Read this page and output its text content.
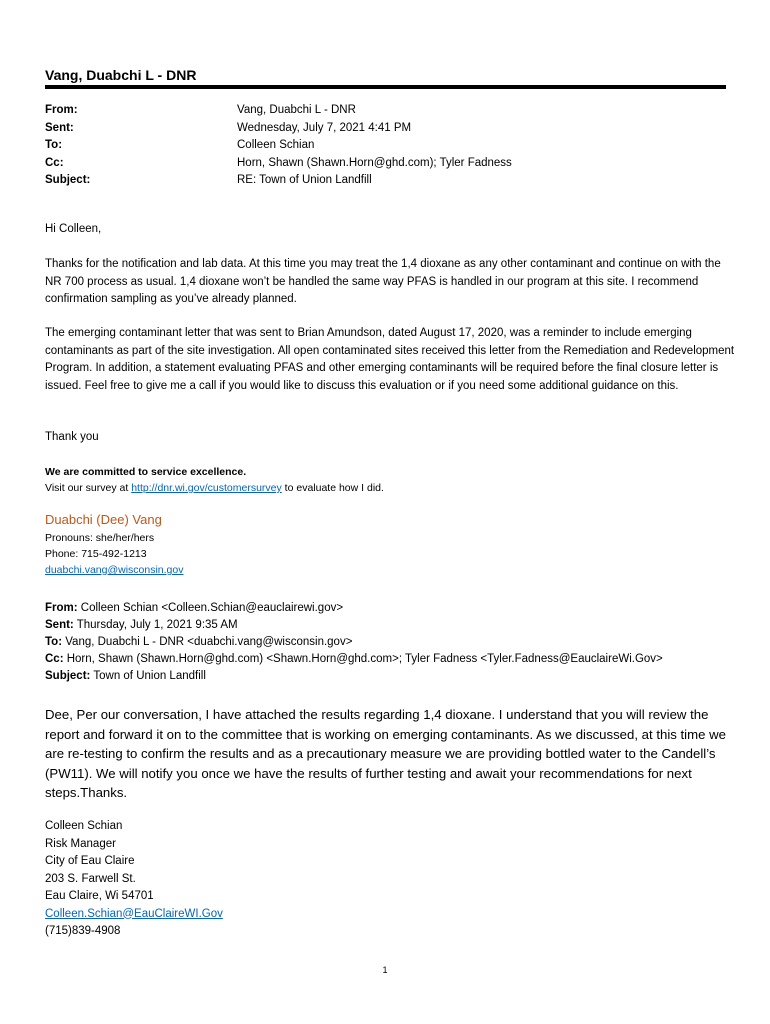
Vang, Duabchi L - DNR
From:	Vang, Duabchi L - DNR
Sent:	Wednesday, July 7, 2021 4:41 PM
To:	Colleen Schian
Cc:	Horn, Shawn (Shawn.Horn@ghd.com); Tyler Fadness
Subject:	RE: Town of Union Landfill
Hi Colleen,
Thanks for the notification and lab data. At this time you may treat the 1,4 dioxane as any other contaminant and continue on with the NR 700 process as usual. 1,4 dioxane won’t be handled the same way PFAS is handled in our program at this site. I recommend confirmation sampling as you’ve already planned.
The emerging contaminant letter that was sent to Brian Amundson, dated August 17, 2020, was a reminder to include emerging contaminants as part of the site investigation. All open contaminated sites received this letter from the Remediation and Redevelopment Program. In addition, a statement evaluating PFAS and other emerging contaminants will be required before the final closure letter is issued. Feel free to give me a call if you would like to discuss this evaluation or if you need some additional guidance on this.
Thank you
We are committed to service excellence.
Visit our survey at http://dnr.wi.gov/customersurvey to evaluate how I did.
Duabchi (Dee) Vang
Pronouns: she/her/hers
Phone: 715-492-1213
duabchi.vang@wisconsin.gov
From: Colleen Schian <Colleen.Schian@eauclairewi.gov>
Sent: Thursday, July 1, 2021 9:35 AM
To: Vang, Duabchi L - DNR <duabchi.vang@wisconsin.gov>
Cc: Horn, Shawn (Shawn.Horn@ghd.com) <Shawn.Horn@ghd.com>; Tyler Fadness <Tyler.Fadness@EauclaireWi.Gov>
Subject: Town of Union Landfill
Dee, Per our conversation, I have attached the results regarding 1,4 dioxane. I understand that you will review the report and forward it on to the committee that is working on emerging contaminants. As we discussed, at this time we are re-testing to confirm the results and as a precautionary measure we are providing bottled water to the Candell’s (PW11). We will notify you once we have the results of further testing and await your recommendations for next steps.Thanks.
Colleen Schian
Risk Manager
City of Eau Claire
203 S. Farwell St.
Eau Claire, Wi 54701
Colleen.Schian@EauClaireWI.Gov
(715)839-4908
1
